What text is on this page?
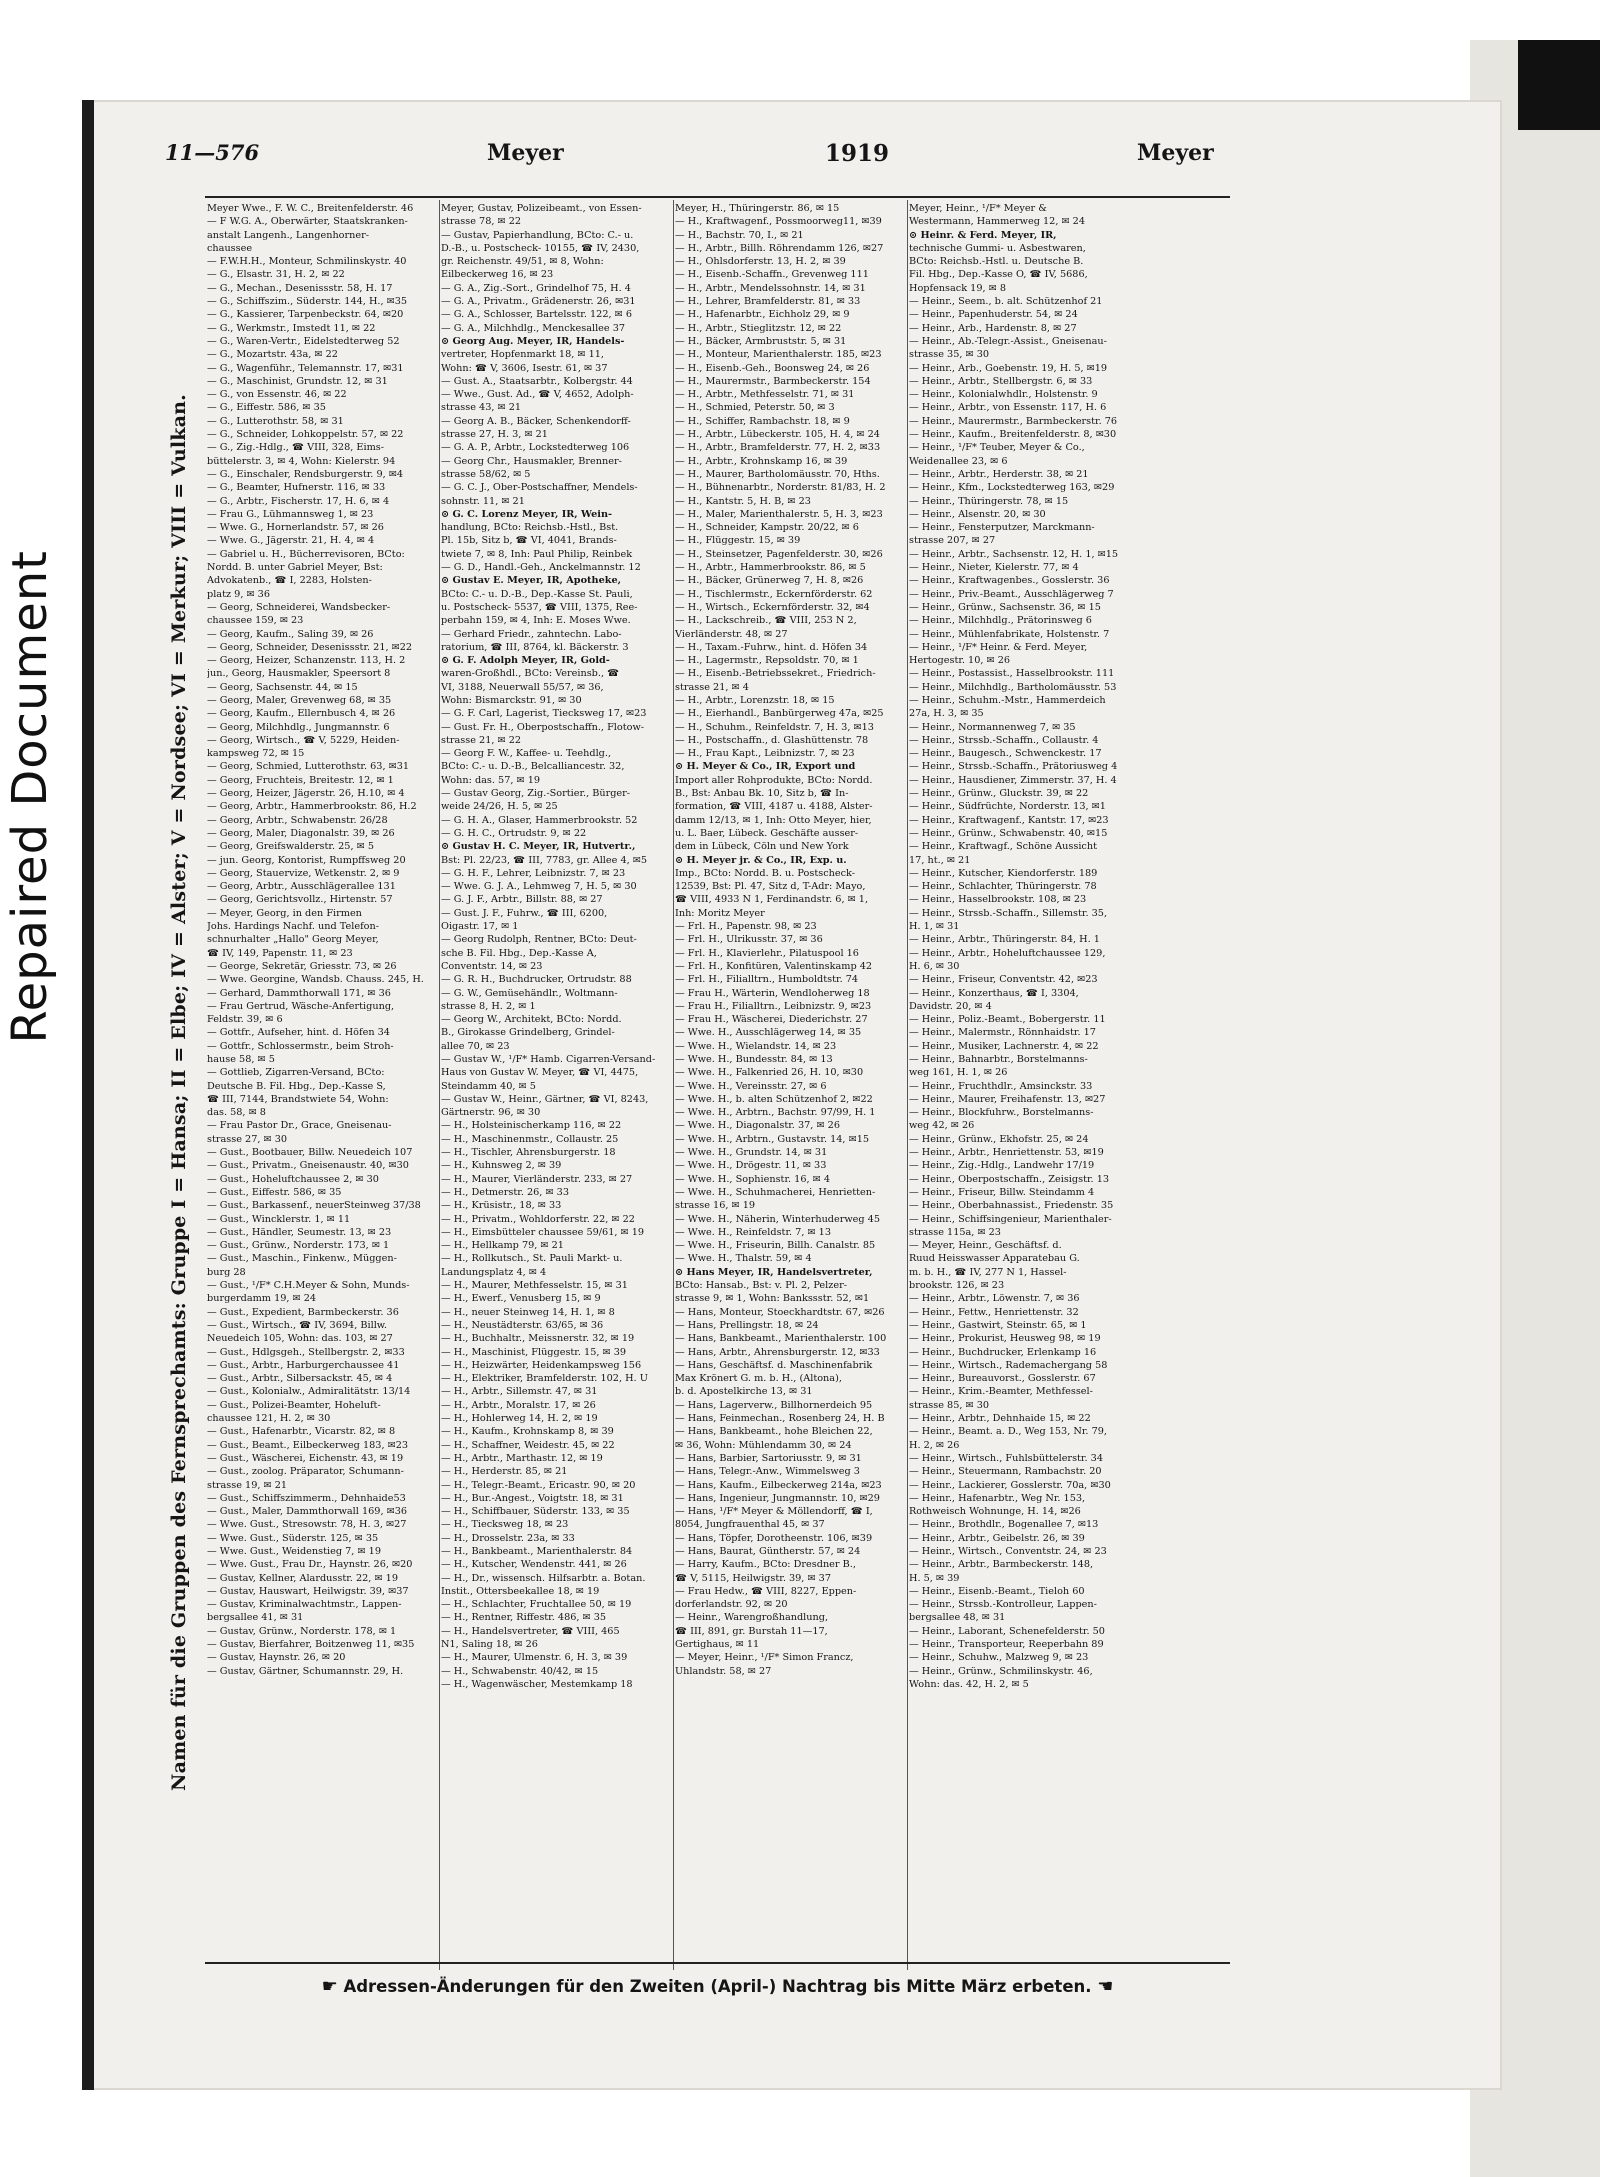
Repaired Document
11—576	Meyer	1919	Meyer
Namen für die Gruppen des Fernsprechamts: Gruppe I = Hansa; II = Elbe; IV = Alster; V = Nordsee; VI = Merkur; VIII = Vulkan.
Meyer Wwe., F. W. C., Breitenfelderstr. 46
— F W.G. A., Oberwärter, Staatskranken-
anstalt Langenh., Langenhorner-
chaussee
— F.W.H.H., Monteur, Schmilinskystr. 40
— G., Elsastr. 31, H. 2, ✉ 22
— G., Mechan., Desenissstr. 58, H. 17
— G., Schiffszim., Süderstr. 144, H., ✉35
— G., Kassierer, Tarpenbeckstr. 64, ✉20
— G., Werkmstr., Imstedt 11, ✉ 22
— G., Waren-Vertr., Eidelstedterweg 52
— G., Mozartstr. 43a, ✉ 22
— G., Wagenführ., Telemannstr. 17, ✉31
— G., Maschinist, Grundstr. 12, ✉ 31
— G., von Essenstr. 46, ✉ 22
— G., Eiffestr. 586, ✉ 35
— G., Lutterothstr. 58, ✉ 31
— G., Schneider, Lohkoppelstr. 57, ✉ 22
— G., Zig.-Hdlg., ☎ VIII, 328, Eims-
büttelerstr. 3, ✉ 4, Wohn: Kielerstr. 94
— G., Einschaler, Rendsburgerstr. 9, ✉4
— G., Beamter, Hufnerstr. 116, ✉ 33
— G., Arbtr., Fischerstr. 17, H. 6, ✉ 4
— Frau G., Lühmannsweg 1, ✉ 23
— Wwe. G., Hornerlandstr. 57, ✉ 26
— Wwe. G., Jägerstr. 21, H. 4, ✉ 4
— Gabriel u. H., Bücherrevisoren, BCto:
Nordd. B. unter Gabriel Meyer, Bst:
Advokatenb., ☎ I, 2283, Holsten-
platz 9, ✉ 36
— Georg, Schneiderei, Wandsbecker-
chaussee 159, ✉ 23
— Georg, Kaufm., Saling 39, ✉ 26
— Georg, Schneider, Desenissstr. 21, ✉22
— Georg, Heizer, Schanzenstr. 113, H. 2
jun., Georg, Hausmakler, Speersort 8
— Georg, Sachsenstr. 44, ✉ 15
— Georg, Maler, Grevenweg 68, ✉ 35
— Georg, Kaufm., Ellernbusch 4, ✉ 26
— Georg, Milchhdlg., Jungmannstr. 6
— Georg, Wirtsch., ☎ V, 5229, Heiden-
kampsweg 72, ✉ 15
— Georg, Schmied, Lutterothstr. 63, ✉31
— Georg, Fruchteis, Breitestr. 12, ✉ 1
— Georg, Heizer, Jägerstr. 26, H.10, ✉ 4
— Georg, Arbtr., Hammerbrookstr. 86, H.2
— Georg, Arbtr., Schwabenstr. 26/28
— Georg, Maler, Diagonalstr. 39, ✉ 26
— Georg, Greifswalderstr. 25, ✉ 5
— jun. Georg, Kontorist, Rumpffsweg 20
— Georg, Stauervize, Wetkenstr. 2, ✉ 9
— Georg, Arbtr., Ausschlägerallee 131
— Georg, Gerichtsvollz., Hirtenstr. 57
— Meyer, Georg, in den Firmen
Johs. Hardings Nachf. und Telefon-
schnurhalter „Hallo" Georg Meyer,
☎ IV, 149, Papenstr. 11, ✉ 23
— George, Sekretär, Griesstr. 73, ✉ 26
— Wwe. Georgine, Wandsb. Chauss. 245, H.
— Gerhard, Dammthorwall 171, ✉ 36
— Frau Gertrud, Wäsche-Anfertigung,
Feldstr. 39, ✉ 6
— Gottfr., Aufseher, hint. d. Höfen 34
— Gottfr., Schlossermstr., beim Stroh-
hause 58, ✉ 5
— Gottlieb, Zigarren-Versand, BCto:
Deutsche B. Fil. Hbg., Dep.-Kasse S,
☎ III, 7144, Brandstwiete 54, Wohn:
das. 58, ✉ 8
— Frau Pastor Dr., Grace, Gneisenau-
strasse 27, ✉ 30
— Gust., Bootbauer, Billw. Neuedeich 107
— Gust., Privatm., Gneisenaustr. 40, ✉30
— Gust., Hoheluftchaussee 2, ✉ 30
— Gust., Eiffestr. 586, ✉ 35
— Gust., Barkassenf., neuerSteinweg 37/38
— Gust., Wincklerstr. 1, ✉ 11
— Gust., Händler, Seumestr. 13, ✉ 23
— Gust., Grünw., Norderstr. 173, ✉ 1
— Gust., Maschin., Finkenw., Müggen-
burg 28
— Gust., ¹/F* C.H.Meyer & Sohn, Munds-
burgerdamm 19, ✉ 24
— Gust., Expedient, Barmbeckerstr. 36
— Gust., Wirtsch., ☎ IV, 3694, Billw.
Neuedeich 105, Wohn: das. 103, ✉ 27
— Gust., Hdlgsgeh., Stellbergstr. 2, ✉33
— Gust., Arbtr., Harburgerchaussee 41
— Gust., Arbtr., Silbersackstr. 45, ✉ 4
— Gust., Kolonialw., Admiralitätstr. 13/14
— Gust., Polizei-Beamter, Hoheluft-
chaussee 121, H. 2, ✉ 30
— Gust., Hafenarbtr., Vicarstr. 82, ✉ 8
— Gust., Beamt., Eilbeckerweg 183, ✉23
— Gust., Wäscherei, Eichenstr. 43, ✉ 19
— Gust., zoolog. Präparator, Schumann-
strasse 19, ✉ 21
— Gust., Schiffszimmerm., Dehnhaide53
— Gust., Maler, Dammthorwall 169, ✉36
— Wwe. Gust., Stresowstr. 78, H. 3, ✉27
— Wwe. Gust., Süderstr. 125, ✉ 35
— Wwe. Gust., Weidenstieg 7, ✉ 19
— Wwe. Gust., Frau Dr., Haynstr. 26, ✉20
— Gustav, Kellner, Alardusstr. 22, ✉ 19
— Gustav, Hauswart, Heilwigstr. 39, ✉37
— Gustav, Kriminalwachtmstr., Lappen-
bergsallee 41, ✉ 31
— Gustav, Grünw., Norderstr. 178, ✉ 1
— Gustav, Bierfahrer, Boitzenweg 11, ✉35
— Gustav, Haynstr. 26, ✉ 20
— Gustav, Gärtner, Schumannstr. 29, H.
Meyer, Gustav, Polizeibeamt., von Essen-
strasse 78, ✉ 22
— Gustav, Papierhandlung, BCto: C.- u.
D.-B., u. Postscheck- 10155, ☎ IV, 2430,
gr. Reichenstr. 49/51, ✉ 8, Wohn:
Eilbeckerweg 16, ✉ 23
— G. A., Zig.-Sort., Grindelhof 75, H. 4
— G. A., Privatm., Grädenerstr. 26, ✉31
— G. A., Schlosser, Bartelsstr. 122, ✉ 6
— G. A., Milchhdlg., Menckesallee 37
⊙ Georg Aug. Meyer, IR, Handels-
vertreter, Hopfenmarkt 18, ✉ 11,
Wohn: ☎ V, 3606, Isestr. 61, ✉ 37
— Gust. A., Staatsarbtr., Kolbergstr. 44
— Wwe., Gust. Ad., ☎ V, 4652, Adolph-
strasse 43, ✉ 21
— Georg A. B., Bäcker, Schenkendorff-
strasse 27, H. 3, ✉ 21
— G. A. P., Arbtr., Lockstedterweg 106
— Georg Chr., Hausmakler, Brenner-
strasse 58/62, ✉ 5
— G. C. J., Ober-Postschaffner, Mendels-
sohnstr. 11, ✉ 21
⊙ G. C. Lorenz Meyer, IR, Wein-
handlung, BCto: Reichsb.-Hstl., Bst.
Pl. 15b, Sitz b, ☎ VI, 4041, Brands-
twiete 7, ✉ 8, Inh: Paul Philip, Reinbek
— G. D., Handl.-Geh., Anckelmannstr. 12
⊙ Gustav E. Meyer, IR, Apotheke,
BCto: C.- u. D.-B., Dep.-Kasse St. Pauli,
u. Postscheck- 5537, ☎ VIII, 1375, Ree-
perbahn 159, ✉ 4, Inh: E. Moses Wwe.
— Gerhard Friedr., zahntechn. Labo-
ratorium, ☎ III, 8764, kl. Bäckerstr. 3
⊙ G. F. Adolph Meyer, IR, Gold-
waren-Großhdl., BCto: Vereinsb., ☎
VI, 3188, Neuerwall 55/57, ✉ 36,
Wohn: Bismarckstr. 91, ✉ 30
— G. F. Carl, Lagerist, Tiecksweg 17, ✉23
— Gust. Fr. H., Oberpostschaffn., Flotow-
strasse 21, ✉ 22
— Georg F. W., Kaffee- u. Teehdlg.,
BCto: C.- u. D.-B., Belcalliancestr. 32,
Wohn: das. 57, ✉ 19
— Gustav Georg, Zig.-Sortier., Bürger-
weide 24/26, H. 5, ✉ 25
— G. H. A., Glaser, Hammerbrookstr. 52
— G. H. C., Ortrudstr. 9, ✉ 22
⊙ Gustav H. C. Meyer, IR, Hutvertr.,
Bst: Pl. 22/23, ☎ III, 7783, gr. Allee 4, ✉5
— G. H. F., Lehrer, Leibnizstr. 7, ✉ 23
— Wwe. G. J. A., Lehmweg 7, H. 5, ✉ 30
— G. J. F., Arbtr., Billstr. 88, ✉ 27
— Gust. J. F., Fuhrw., ☎ III, 6200,
Oigastr. 17, ✉ 1
— Georg Rudolph, Rentner, BCto: Deut-
sche B. Fil. Hbg., Dep.-Kasse A,
Conventstr. 14, ✉ 23
— G. R. H., Buchdrucker, Ortrudstr. 88
— G. W., Gemüsehändlr., Woltmann-
strasse 8, H. 2, ✉ 1
— Georg W., Architekt, BCto: Nordd.
B., Girokasse Grindelberg, Grindel-
allee 70, ✉ 23
— Gustav W., ¹/F* Hamb. Cigarren-Versand-
Haus von Gustav W. Meyer, ☎ VI, 4475,
Steindamm 40, ✉ 5
— Gustav W., Heinr., Gärtner, ☎ VI, 8243,
Gärtnerstr. 96, ✉ 30
— H., Holsteinischerkamp 116, ✉ 22
— H., Maschinenmstr., Collaustr. 25
— H., Tischler, Ahrensburgerstr. 18
— H., Kuhnsweg 2, ✉ 39
— H., Maurer, Vierländerstr. 233, ✉ 27
— H., Detmerstr. 26, ✉ 33
— H., Krüsistr., 18, ✉ 33
— H., Privatm., Wohldorferstr. 22, ✉ 22
— H., Eimsbütteler chaussee 59/61, ✉ 19
— H., Hellkamp 79, ✉ 21
— H., Rollkutsch., St. Pauli Markt- u.
Landungsplatz 4, ✉ 4
— H., Maurer, Methfesselstr. 15, ✉ 31
— H., Ewerf., Venusberg 15, ✉ 9
— H., neuer Steinweg 14, H. 1, ✉ 8
— H., Neustädterstr. 63/65, ✉ 36
— H., Buchhaltr., Meissnerstr. 32, ✉ 19
— H., Maschinist, Flüggestr. 15, ✉ 39
— H., Heizwärter, Heidenkampsweg 156
— H., Elektriker, Bramfelderstr. 102, H. U
— H., Arbtr., Sillemstr. 47, ✉ 31
— H., Arbtr., Moralstr. 17, ✉ 26
— H., Hohlerweg 14, H. 2, ✉ 19
— H., Kaufm., Krohnskamp 8, ✉ 39
— H., Schaffner, Weidestr. 45, ✉ 22
— H., Arbtr., Marthastr. 12, ✉ 19
— H., Herderstr. 85, ✉ 21
— H., Telegr.-Beamt., Ericastr. 90, ✉ 20
— H., Bur.-Angest., Voigtstr. 18, ✉ 31
— H., Schiffbauer, Süderstr. 133, ✉ 35
— H., Tiecksweg 18, ✉ 23
— H., Drosselstr. 23a, ✉ 33
— H., Bankbeamt., Marienthalerstr. 84
— H., Kutscher, Wendenstr. 441, ✉ 26
— H., Dr., wissensch. Hilfsarbtr. a. Botan.
Instit., Ottersbeekallee 18, ✉ 19
— H., Schlachter, Fruchtallee 50, ✉ 19
— H., Rentner, Riffestr. 486, ✉ 35
— H., Handelsvertreter, ☎ VIII, 465
N1, Saling 18, ✉ 26
— H., Maurer, Ulmenstr. 6, H. 3, ✉ 39
— H., Schwabenstr. 40/42, ✉ 15
— H., Wagenwäscher, Mestemkamp 18
Meyer, H., Thüringerstr. 86, ✉ 15
— H., Kraftwagenf., Possmoorweg11, ✉39
— H., Bachstr. 70, I., ✉ 21
— H., Arbtr., Billh. Röhrendamm 126, ✉27
— H., Ohlsdorferstr. 13, H. 2, ✉ 39
— H., Eisenb.-Schaffn., Grevenweg 111
— H., Arbtr., Mendelssohnstr. 14, ✉ 31
— H., Lehrer, Bramfelderstr. 81, ✉ 33
— H., Hafenarbtr., Eichholz 29, ✉ 9
— H., Arbtr., Stieglitzstr. 12, ✉ 22
— H., Bäcker, Armbruststr. 5, ✉ 31
— H., Monteur, Marienthalerstr. 185, ✉23
— H., Eisenb.-Geh., Boonsweg 24, ✉ 26
— H., Maurermstr., Barmbeckerstr. 154
— H., Arbtr., Methfesselstr. 71, ✉ 31
— H., Schmied, Peterstr. 50, ✉ 3
— H., Schiffer, Rambachstr. 18, ✉ 9
— H., Arbtr., Lübeckerstr. 105, H. 4, ✉ 24
— H., Arbtr., Bramfelderstr. 77, H. 2, ✉33
— H., Arbtr., Krohnskamp 16, ✉ 39
— H., Maurer, Bartholomäusstr. 70, Hths.
— H., Bühnenarbtr., Norderstr. 81/83, H. 2
— H., Kantstr. 5, H. B, ✉ 23
— H., Maler, Marienthalerstr. 5, H. 3, ✉23
— H., Schneider, Kampstr. 20/22, ✉ 6
— H., Flüggestr. 15, ✉ 39
— H., Steinsetzer, Pagenfelderstr. 30, ✉26
— H., Arbtr., Hammerbrookstr. 86, ✉ 5
— H., Bäcker, Grünerweg 7, H. 8, ✉26
— H., Tischlermstr., Eckernförderstr. 62
— H., Wirtsch., Eckernförderstr. 32, ✉4
— H., Lackschreib., ☎ VIII, 253 N 2,
Vierländerstr. 48, ✉ 27
— H., Taxam.-Fuhrw., hint. d. Höfen 34
— H., Lagermstr., Repsoldstr. 70, ✉ 1
— H., Eisenb.-Betriebssekret., Friedrich-
strasse 21, ✉ 4
— H., Arbtr., Lorenzstr. 18, ✉ 15
— H., Eierhandl., Banbürgerweg 47a, ✉25
— H., Schuhm., Reinfeldstr. 7, H. 3, ✉13
— H., Postschaffn., d. Glashüttenstr. 78
— H., Frau Kapt., Leibnizstr. 7, ✉ 23
⊙ H. Meyer & Co., IR, Export und
Import aller Rohprodukte, BCto: Nordd.
B., Bst: Anbau Bk. 10, Sitz b, ☎ In-
formation, ☎ VIII, 4187 u. 4188, Alster-
damm 12/13, ✉ 1, Inh: Otto Meyer, hier,
u. L. Baer, Lübeck. Geschäfte ausser-
dem in Lübeck, Cöln und New York
⊙ H. Meyer jr. & Co., IR, Exp. u.
Imp., BCto: Nordd. B. u. Postscheck-
12539, Bst: Pl. 47, Sitz d, T-Adr: Mayo,
☎ VIII, 4933 N 1, Ferdinandstr. 6, ✉ 1,
Inh: Moritz Meyer
— Frl. H., Papenstr. 98, ✉ 23
— Frl. H., Ulrikusstr. 37, ✉ 36
— Frl. H., Klavierlehr., Pilatuspool 16
— Frl. H., Konfitüren, Valentinskamp 42
— Frl. H., Filialltrn., Humboldtstr. 74
— Frau H., Wärterin, Wendloherweg 18
— Frau H., Filialltrn., Leibnizstr. 9, ✉23
— Frau H., Wäscherei, Diederichstr. 27
— Wwe. H., Ausschlägerweg 14, ✉ 35
— Wwe. H., Wielandstr. 14, ✉ 23
— Wwe. H., Bundesstr. 84, ✉ 13
— Wwe. H., Falkenried 26, H. 10, ✉30
— Wwe. H., Vereinsstr. 27, ✉ 6
— Wwe. H., b. alten Schützenhof 2, ✉22
— Wwe. H., Arbtrn., Bachstr. 97/99, H. 1
— Wwe. H., Diagonalstr. 37, ✉ 26
— Wwe. H., Arbtrn., Gustavstr. 14, ✉15
— Wwe. H., Grundstr. 14, ✉ 31
— Wwe. H., Drögestr. 11, ✉ 33
— Wwe. H., Sophienstr. 16, ✉ 4
— Wwe. H., Schuhmacherei, Henrietten-
strasse 16, ✉ 19
— Wwe. H., Näherin, Winterhuderweg 45
— Wwe. H., Reinfeldstr. 7, ✉ 13
— Wwe. H., Friseurin, Billh. Canalstr. 85
— Wwe. H., Thalstr. 59, ✉ 4
⊙ Hans Meyer, IR, Handelsvertreter,
BCto: Hansab., Bst: v. Pl. 2, Pelzer-
strasse 9, ✉ 1, Wohn: Bankssstr. 52, ✉1
— Hans, Monteur, Stoeckhardtstr. 67, ✉26
— Hans, Prellingstr. 18, ✉ 24
— Hans, Bankbeamt., Marienthalerstr. 100
— Hans, Arbtr., Ahrensburgerstr. 12, ✉33
— Hans, Geschäftsf. d. Maschinenfabrik
Max Krönert G. m. b. H., (Altona),
b. d. Apostelkirche 13, ✉ 31
— Hans, Lagerverw., Billhornerdeich 95
— Hans, Feinmechan., Rosenberg 24, H. B
— Hans, Bankbeamt., hohe Bleichen 22,
✉ 36, Wohn: Mühlendamm 30, ✉ 24
— Hans, Barbier, Sartoriusstr. 9, ✉ 31
— Hans, Telegr.-Anw., Wimmelsweg 3
— Hans, Kaufm., Eilbeckerweg 214a, ✉23
— Hans, Ingenieur, Jungmannstr. 10, ✉29
— Hans, ¹/F* Meyer & Möllendorff, ☎ I,
8054, Jungfrauenthal 45, ✉ 37
— Hans, Töpfer, Dorotheenstr. 106, ✉39
— Hans, Baurat, Güntherstr. 57, ✉ 24
— Harry, Kaufm., BCto: Dresdner B.,
☎ V, 5115, Heilwigstr. 39, ✉ 37
— Frau Hedw., ☎ VIII, 8227, Eppen-
dorferlandstr. 92, ✉ 20
— Heinr., Warengroßhandlung,
☎ III, 891, gr. Burstah 11—17,
Gertighaus, ✉ 11
— Meyer, Heinr., ¹/F* Simon Francz,
Uhlandstr. 58, ✉ 27
Meyer, Heinr., ¹/F* Meyer &
Westermann, Hammerweg 12, ✉ 24
⊙ Heinr. & Ferd. Meyer, IR,
technische Gummi- u. Asbestwaren,
BCto: Reichsb.-Hstl. u. Deutsche B.
Fil. Hbg., Dep.-Kasse O, ☎ IV, 5686,
Hopfensack 19, ✉ 8
— Heinr., Seem., b. alt. Schützenhof 21
— Heinr., Papenhuderstr. 54, ✉ 24
— Heinr., Arb., Hardenstr. 8, ✉ 27
— Heinr., Ab.-Telegr.-Assist., Gneisenau-
strasse 35, ✉ 30
— Heinr., Arb., Goebenstr. 19, H. 5, ✉19
— Heinr., Arbtr., Stellbergstr. 6, ✉ 33
— Heinr., Kolonialwhdlr., Holstenstr. 9
— Heinr., Arbtr., von Essenstr. 117, H. 6
— Heinr., Maurermstr., Barmbeckerstr. 76
— Heinr., Kaufm., Breitenfelderstr. 8, ✉30
— Heinr., ¹/F* Teuber, Meyer & Co.,
Weidenallee 23, ✉ 6
— Heinr., Arbtr., Herderstr. 38, ✉ 21
— Heinr., Kfm., Lockstedterweg 163, ✉29
— Heinr., Thüringerstr. 78, ✉ 15
— Heinr., Alsenstr. 20, ✉ 30
— Heinr., Fensterputzer, Marckmann-
strasse 207, ✉ 27
— Heinr., Arbtr., Sachsenstr. 12, H. 1, ✉15
— Heinr., Nieter, Kielerstr. 77, ✉ 4
— Heinr., Kraftwagenbes., Gosslerstr. 36
— Heinr., Priv.-Beamt., Ausschlägerweg 7
— Heinr., Grünw., Sachsenstr. 36, ✉ 15
— Heinr., Milchhdlg., Prätorinsweg 6
— Heinr., Mühlenfabrikate, Holstenstr. 7
— Heinr., ¹/F* Heinr. & Ferd. Meyer,
Hertogestr. 10, ✉ 26
— Heinr., Postassist., Hasselbrookstr. 111
— Heinr., Milchhdlg., Bartholomäusstr. 53
— Heinr., Schuhm.-Mstr., Hammerdeich
27a, H. 3, ✉ 35
— Heinr., Normannenweg 7, ✉ 35
— Heinr., Strssb.-Schaffn., Collaustr. 4
— Heinr., Baugesch., Schwenckestr. 17
— Heinr., Strssb.-Schaffn., Prätoriusweg 4
— Heinr., Hausdiener, Zimmerstr. 37, H. 4
— Heinr., Grünw., Gluckstr. 39, ✉ 22
— Heinr., Südfrüchte, Norderstr. 13, ✉1
— Heinr., Kraftwagenf., Kantstr. 17, ✉23
— Heinr., Grünw., Schwabenstr. 40, ✉15
— Heinr., Kraftwagf., Schöne Aussicht
17, ht., ✉ 21
— Heinr., Kutscher, Kiendorferstr. 189
— Heinr., Schlachter, Thüringerstr. 78
— Heinr., Hasselbrookstr. 108, ✉ 23
— Heinr., Strssb.-Schaffn., Sillemstr. 35,
H. 1, ✉ 31
— Heinr., Arbtr., Thüringerstr. 84, H. 1
— Heinr., Arbtr., Hoheluftchaussee 129,
H. 6, ✉ 30
— Heinr., Friseur, Conventstr. 42, ✉23
— Heinr., Konzerthaus, ☎ I, 3304,
Davidstr. 20, ✉ 4
— Heinr., Poliz.-Beamt., Bobergerstr. 11
— Heinr., Malermstr., Rönnhaidstr. 17
— Heinr., Musiker, Lachnerstr. 4, ✉ 22
— Heinr., Bahnarbtr., Borstelmanns-
weg 161, H. 1, ✉ 26
— Heinr., Fruchthdlr., Amsinckstr. 33
— Heinr., Maurer, Freihafenstr. 13, ✉27
— Heinr., Blockfuhrw., Borstelmanns-
weg 42, ✉ 26
— Heinr., Grünw., Ekhofstr. 25, ✉ 24
— Heinr., Arbtr., Henriettenstr. 53, ✉19
— Heinr., Zig.-Hdlg., Landwehr 17/19
— Heinr., Oberpostschaffn., Zeisigstr. 13
— Heinr., Friseur, Billw. Steindamm 4
— Heinr., Oberbahnassist., Friedenstr. 35
— Heinr., Schiffsingenieur, Marienthaler-
strasse 115a, ✉ 23
— Meyer, Heinr., Geschäftsf. d.
Ruud Heisswasser Apparatebau G.
m. b. H., ☎ IV, 277 N 1, Hassel-
brookstr. 126, ✉ 23
— Heinr., Arbtr., Löwenstr. 7, ✉ 36
— Heinr., Fettw., Henriettenstr. 32
— Heinr., Gastwirt, Steinstr. 65, ✉ 1
— Heinr., Prokurist, Heusweg 98, ✉ 19
— Heinr., Buchdrucker, Erlenkamp 16
— Heinr., Wirtsch., Rademachergang 58
— Heinr., Bureauvorst., Gosslerstr. 67
— Heinr., Krim.-Beamter, Methfessel-
strasse 85, ✉ 30
— Heinr., Arbtr., Dehnhaide 15, ✉ 22
— Heinr., Beamt. a. D., Weg 153, Nr. 79,
H. 2, ✉ 26
— Heinr., Wirtsch., Fuhlsbüttelerstr. 34
— Heinr., Steuermann, Rambachstr. 20
— Heinr., Lackierer, Gosslerstr. 70a, ✉30
— Heinr., Hafenarbtr., Weg Nr. 153,
Rothweisch Wohnunge, H. 14, ✉26
— Heinr., Brothdlr., Bogenallee 7, ✉13
— Heinr., Arbtr., Geibelstr. 26, ✉ 39
— Heinr., Wirtsch., Conventstr. 24, ✉ 23
— Heinr., Arbtr., Barmbeckerstr. 148,
H. 5, ✉ 39
— Heinr., Eisenb.-Beamt., Tieloh 60
— Heinr., Strssb.-Kontrolleur, Lappen-
bergsallee 48, ✉ 31
— Heinr., Laborant, Schenefelderstr. 50
— Heinr., Transporteur, Reeperbahn 89
— Heinr., Schuhw., Malzweg 9, ✉ 23
— Heinr., Grünw., Schmilinskystr. 46,
Wohn: das. 42, H. 2, ✉ 5
☛ Adressen-Änderungen für den Zweiten (April-) Nachtrag bis Mitte März erbeten. ☚
